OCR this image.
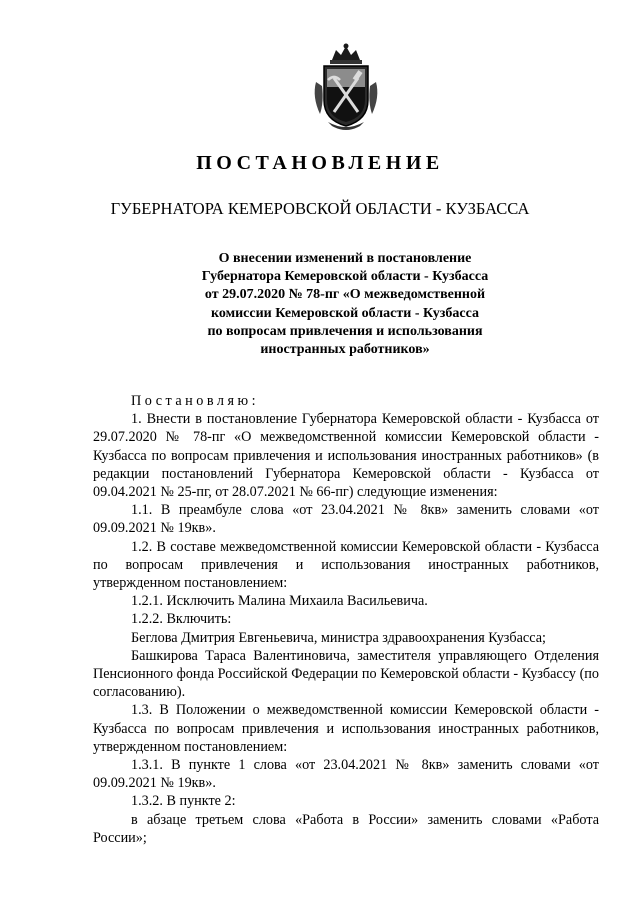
ПОСТАНОВЛЕНИЕ
ГУБЕРНАТОРА КЕМЕРОВСКОЙ ОБЛАСТИ - КУЗБАССА
О внесении изменений в постановление
Губернатора Кемеровской области - Кузбасса
от 29.07.2020 № 78-пг «О межведомственной
комиссии Кемеровской области - Кузбасса
по вопросам привлечения и использования
иностранных работников»

Постановляю:

1. Внести в постановление Губернатора Кемеровской области - Кузбасса от 29.07.2020 № 78-пг «О межведомственной комиссии Кемеровской области - Кузбасса по вопросам привлечения и использования иностранных работников» (в редакции постановлений Губернатора Кемеровской области - Кузбасса от 09.04.2021 № 25-пг, от 28.07.2021 № 66-пг) следующие изменения:

1.1. В преамбуле слова «от 23.04.2021 № 8кв» заменить словами «от 09.09.2021 № 19кв».

1.2. В составе межведомственной комиссии Кемеровской области - Кузбасса по вопросам привлечения и использования иностранных работников, утвержденном постановлением:

1.2.1. Исключить Малина Михаила Васильевича.

1.2.2. Включить:

Беглова Дмитрия Евгеньевича, министра здравоохранения Кузбасса;

Башкирова Тараса Валентиновича, заместителя управляющего Отделения Пенсионного фонда Российской Федерации по Кемеровской области - Кузбассу (по согласованию).

1.3. В Положении о межведомственной комиссии Кемеровской области - Кузбасса по вопросам привлечения и использования иностранных работников, утвержденном постановлением:

1.3.1. В пункте 1 слова «от 23.04.2021 № 8кв» заменить словами «от 09.09.2021 № 19кв».

1.3.2. В пункте 2:

в абзаце третьем слова «Работа в России» заменить словами «Работа России»;
